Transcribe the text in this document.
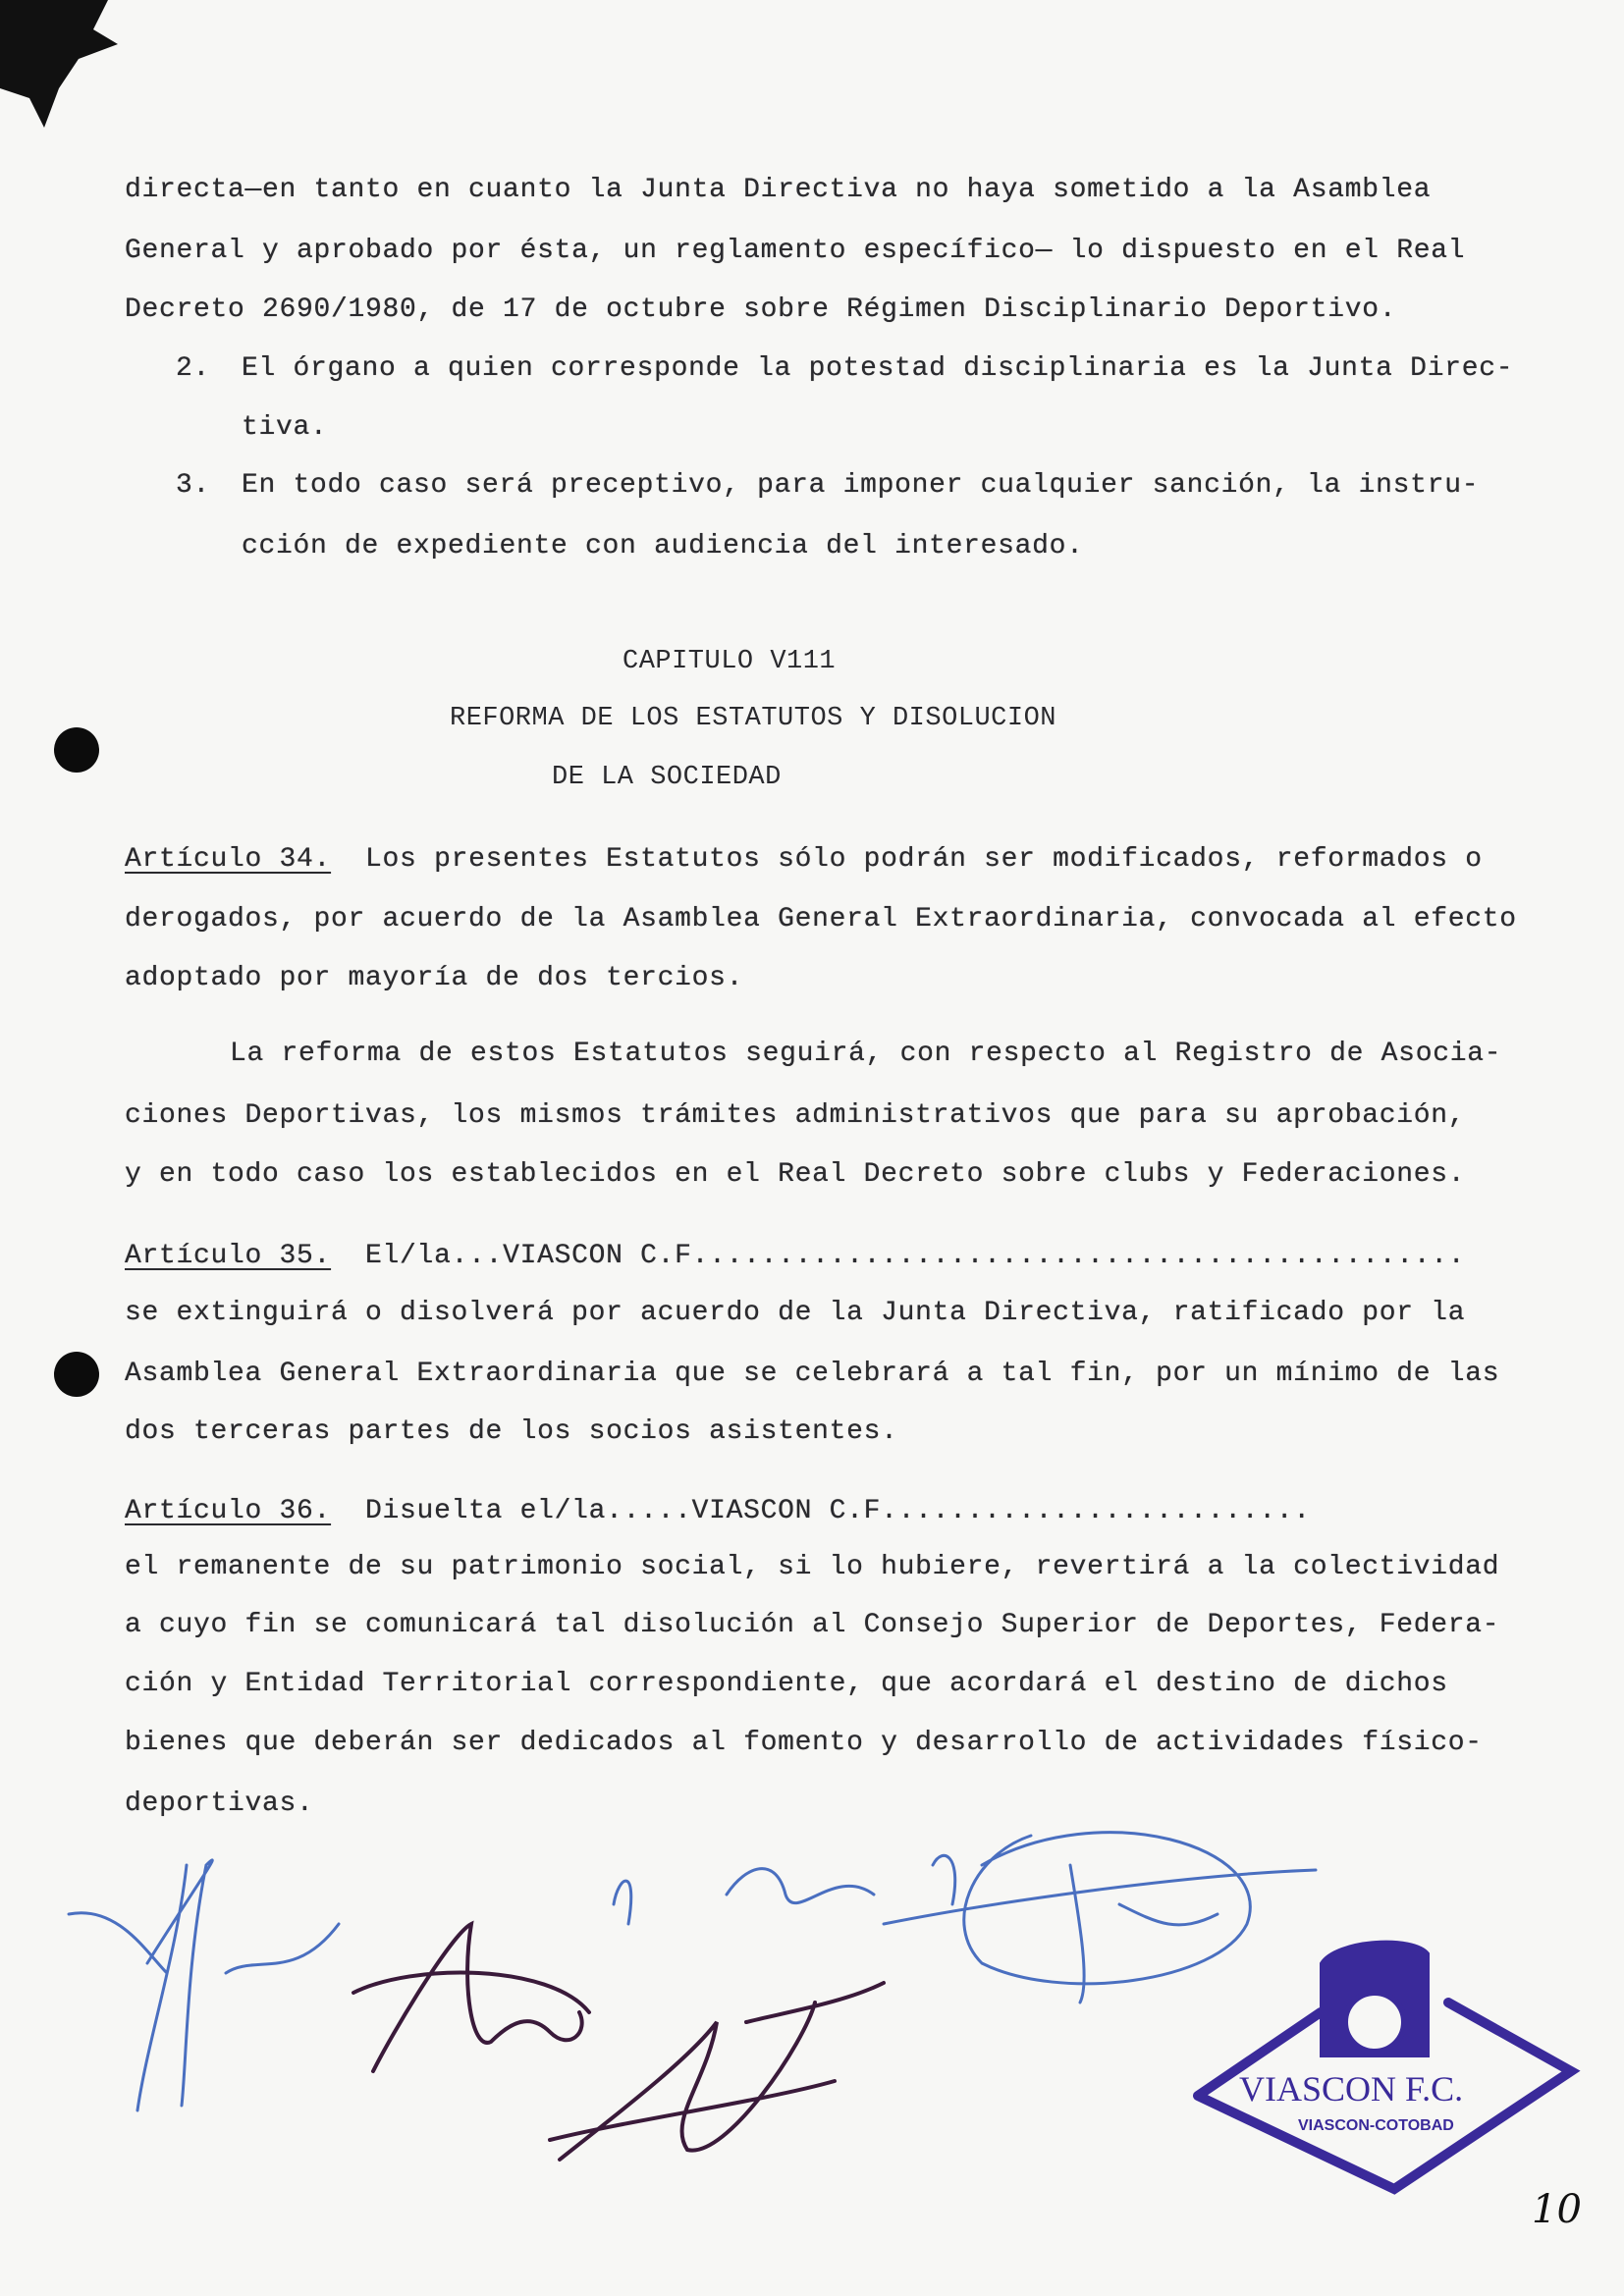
directa—en tanto en cuanto la Junta Directiva no haya sometido a la Asamblea
General y aprobado por ésta, un reglamento específico— lo dispuesto en el Real
Decreto 2690/1980, de 17 de octubre sobre Régimen Disciplinario Deportivo.
2. El órgano a quien corresponde la potestad disciplinaria es la Junta Direc-
tiva.
3. En todo caso será preceptivo, para imponer cualquier sanción, la instru-
cción de expediente con audiencia del interesado.
CAPITULO V111
REFORMA DE LOS ESTATUTOS Y DISOLUCION
DE LA SOCIEDAD
Artículo 34.  Los presentes Estatutos sólo podrán ser modificados, reformados o
derogados, por acuerdo de la Asamblea General Extraordinaria, convocada al efecto
adoptado por mayoría de dos tercios.
La reforma de estos Estatutos seguirá, con respecto al Registro de Asocia-
ciones Deportivas, los mismos trámites administrativos que para su aprobación,
y en todo caso los establecidos en el Real Decreto sobre clubs y Federaciones.
Artículo 35.  El/la...VIASCON C.F.............................................
se extinguirá o disolverá por acuerdo de la Junta Directiva, ratificado por la
Asamblea General Extraordinaria que se celebrará a tal fin, por un mínimo de las
dos terceras partes de los socios asistentes.
Artículo 36.  Disuelta el/la.....VIASCON C.F.........................
el remanente de su patrimonio social, si lo hubiere, revertirá a la colectividad
a cuyo fin se comunicará tal disolución al Consejo Superior de Deportes, Federa-
ción y Entidad Territorial correspondiente, que acordará el destino de dichos
bienes que deberán ser dedicados al fomento y desarrollo de actividades físico-
deportivas.
VIASCON F.C.
VIASCON-COTOBAD
10
